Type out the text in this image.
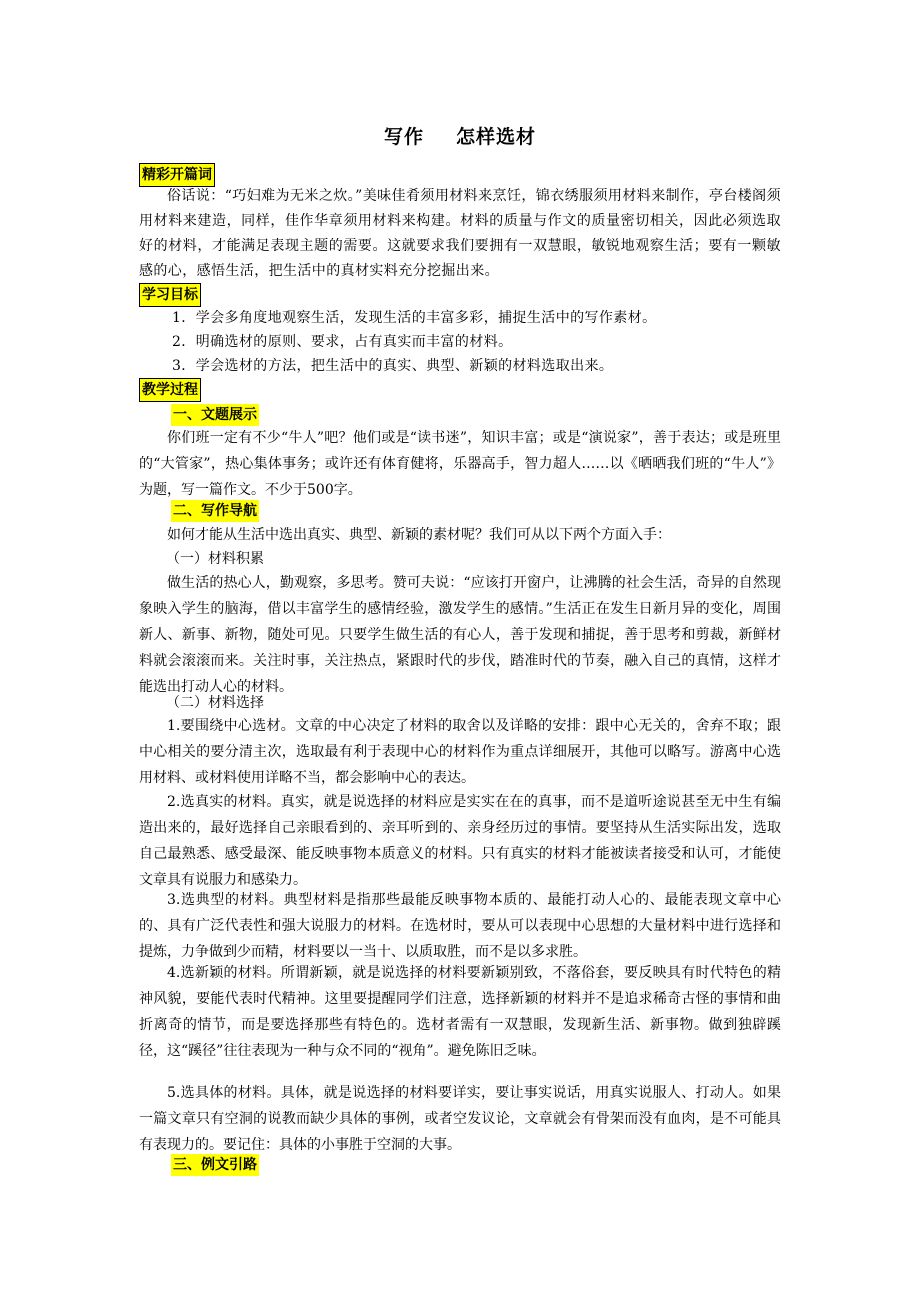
写作 怎样选材
精彩开篇词
俗话说：“巧妇难为无米之炊。”美味佳肴须用材料来烹饪，锦衣绣服须用材料来制作，亭台楼阁须用材料来建造，同样，佳作华章须用材料来构建。材料的质量与作文的质量密切相关，因此必须选取好的材料，才能满足表现主题的需要。这就要求我们要拥有一双慧眼，敏锐地观察生活；要有一颗敏感的心，感悟生活，把生活中的真材实料充分挖掘出来。
学习目标
1．学会多角度地观察生活，发现生活的丰富多彩，捕捉生活中的写作素材。
2．明确选材的原则、要求，占有真实而丰富的材料。
3．学会选材的方法，把生活中的真实、典型、新颖的材料选取出来。
教学过程
一、文题展示
你们班一定有不少“牛人”吧？他们或是“读书迷”，知识丰富；或是“演说家”，善于表达；或是班里的“大管家”，热心集体事务；或许还有体育健将，乐器高手，智力超人……以《晒晒我们班的“牛人”》为题，写一篇作文。不少于500字。
二、写作导航
如何才能从生活中选出真实、典型、新颖的素材呢？我们可从以下两个方面入手：
（一）材料积累
做生活的热心人，勤观察，多思考。赞可夫说：“应该打开窗户，让沸腾的社会生活，奇异的自然现象映入学生的脑海，借以丰富学生的感情经验，激发学生的感情。”生活正在发生日新月异的变化，周围新人、新事、新物，随处可见。只要学生做生活的有心人，善于发现和捕捉，善于思考和剪裁，新鲜材料就会滚滚而来。关注时事，关注热点，紧跟时代的步伐，踏准时代的节奏，融入自己的真情，这样才能选出打动人心的材料。
（二）材料选择
1.要围绕中心选材。文章的中心决定了材料的取舍以及详略的安排：跟中心无关的，舍弃不取；跟中心相关的要分清主次，选取最有利于表现中心的材料作为重点详细展开，其他可以略写。游离中心选用材料、或材料使用详略不当，都会影响中心的表达。
2.选真实的材料。真实，就是说选择的材料应是实实在在的真事，而不是道听途说甚至无中生有编造出来的，最好选择自己亲眼看到的、亲耳听到的、亲身经历过的事情。要坚持从生活实际出发，选取自己最熟悉、感受最深、能反映事物本质意义的材料。只有真实的材料才能被读者接受和认可，才能使文章具有说服力和感染力。
3.选典型的材料。典型材料是指那些最能反映事物本质的、最能打动人心的、最能表现文章中心的、具有广泛代表性和强大说服力的材料。在选材时，要从可以表现中心思想的大量材料中进行选择和提炼，力争做到少而精，材料要以一当十、以质取胜，而不是以多求胜。
4.选新颖的材料。所谓新颖，就是说选择的材料要新颖别致，不落俗套，要反映具有时代特色的精神风貌，要能代表时代精神。这里要提醒同学们注意，选择新颖的材料并不是追求稀奇古怪的事情和曲折离奇的情节，而是要选择那些有特色的。选材者需有一双慧眼，发现新生活、新事物。做到独辟蹊径，这“蹊径”往往表现为一种与众不同的“视角”。避免陈旧乏味。
5.选具体的材料。具体，就是说选择的材料要详实，要让事实说话，用真实说服人、打动人。如果一篇文章只有空洞的说教而缺少具体的事例，或者空发议论，文章就会有骨架而没有血肉，是不可能具有表现力的。要记住：具体的小事胜于空洞的大事。
三、例文引路
